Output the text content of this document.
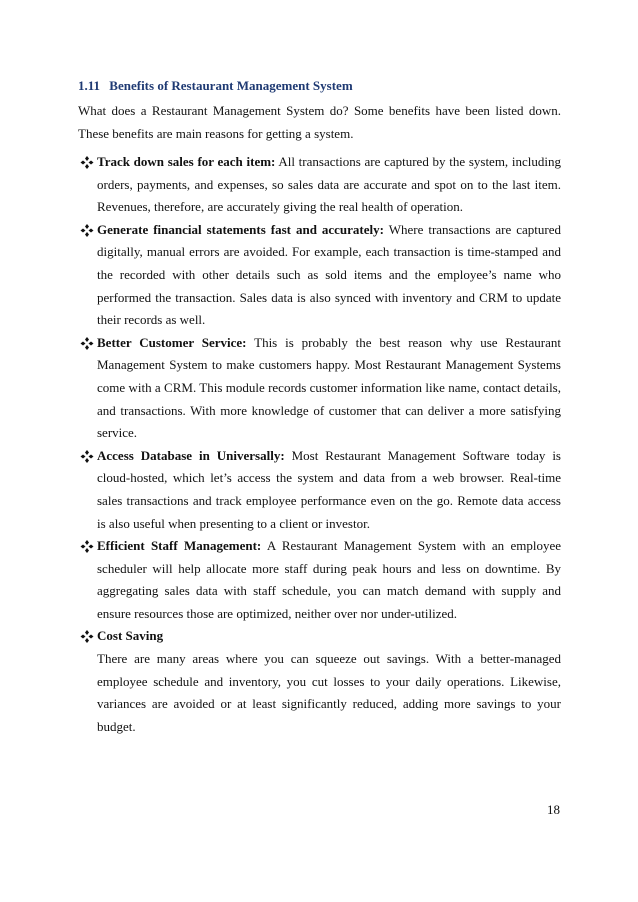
1.11 Benefits of Restaurant Management System
What does a Restaurant Management System do? Some benefits have been listed down. These benefits are main reasons for getting a system.
Track down sales for each item: All transactions are captured by the system, including orders, payments, and expenses, so sales data are accurate and spot on to the last item. Revenues, therefore, are accurately giving the real health of operation.
Generate financial statements fast and accurately: Where transactions are captured digitally, manual errors are avoided. For example, each transaction is time-stamped and the recorded with other details such as sold items and the employee’s name who performed the transaction. Sales data is also synced with inventory and CRM to update their records as well.
Better Customer Service: This is probably the best reason why use Restaurant Management System to make customers happy. Most Restaurant Management Systems come with a CRM. This module records customer information like name, contact details, and transactions. With more knowledge of customer that can deliver a more satisfying service.
Access Database in Universally: Most Restaurant Management Software today is cloud-hosted, which let’s access the system and data from a web browser. Real-time sales transactions and track employee performance even on the go. Remote data access is also useful when presenting to a client or investor.
Efficient Staff Management: A Restaurant Management System with an employee scheduler will help allocate more staff during peak hours and less on downtime. By aggregating sales data with staff schedule, you can match demand with supply and ensure resources those are optimized, neither over nor under-utilized.
Cost Saving
There are many areas where you can squeeze out savings. With a better-managed employee schedule and inventory, you cut losses to your daily operations. Likewise, variances are avoided or at least significantly reduced, adding more savings to your budget.
18
